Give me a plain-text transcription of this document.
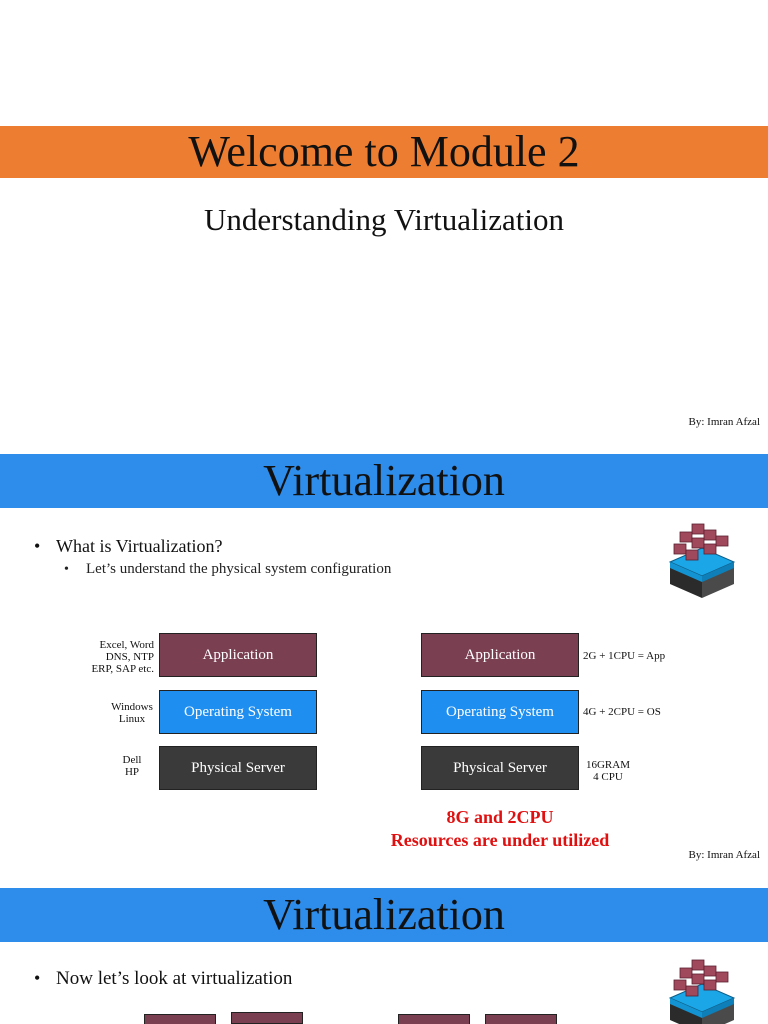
Welcome to Module 2
Understanding Virtualization
By: Imran Afzal
Virtualization
• What is Virtualization?
•	Let’s understand the physical system configuration
Excel, Word
DNS, NTP
ERP, SAP etc.
Application
Windows
Linux	Operating System
Dell
HP	Physical Server
Application	2G + 1CPU = App
Operating System	4G + 2CPU = OS
Physical Server	16GRAM
4 CPU
8G and 2CPU
Resources are under utilized
By: Imran Afzal
Virtualization
• Now let’s look at virtualization
